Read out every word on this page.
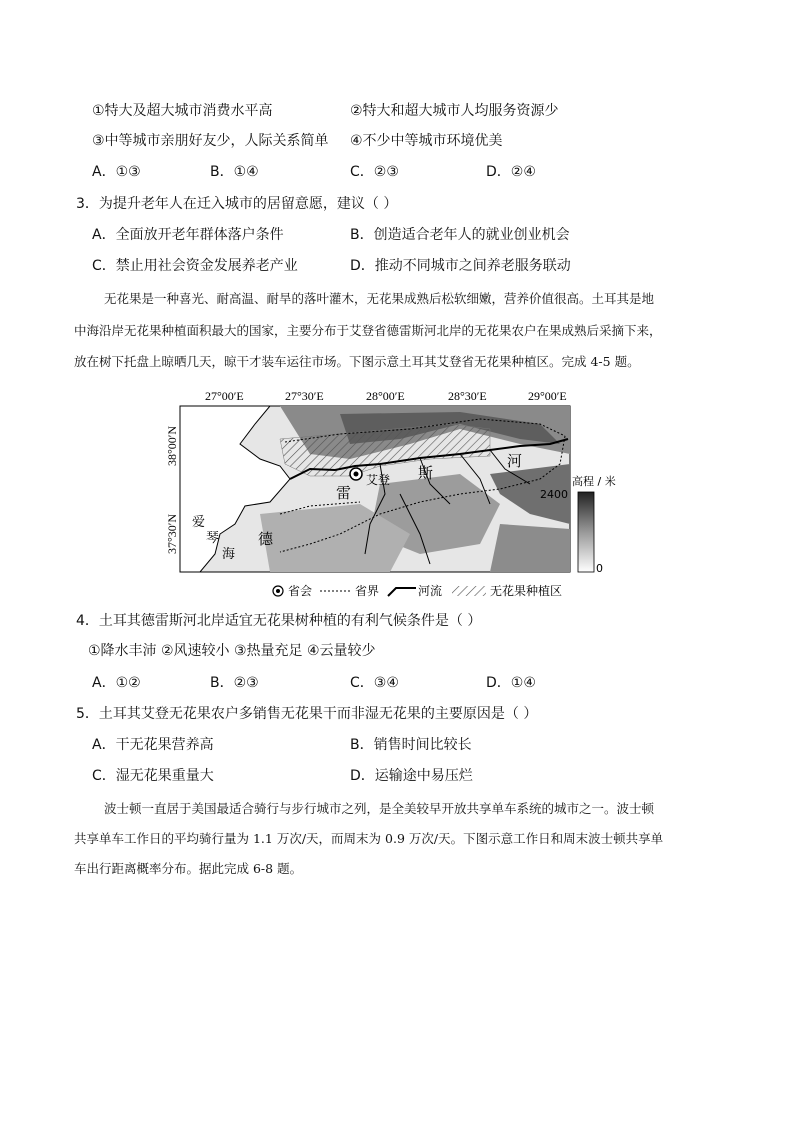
①特大及超大城市消费水平高	②特大和超大城市人均服务资源少
③中等城市亲朋好友少，人际关系简单 ④不少中等城市环境优美
A．①③	B．①④	C．②③	D．②④
3．为提升老年人在迁入城市的居留意愿，建议（ ）
A．全面放开老年群体落户条件	B．创造适合老年人的就业创业机会
C．禁止用社会资金发展养老产业	D．推动不同城市之间养老服务联动
无花果是一种喜光、耐高温、耐旱的落叶灌木，无花果成熟后松软细嫩，营养价值很高。土耳其是地
中海沿岸无花果种植面积最大的国家，主要分布于艾登省德雷斯河北岸的无花果农户在果成熟后采摘下来，
放在树下托盘上晾晒几天，晾干才装车运往市场。下图示意土耳其艾登省无花果种植区。完成 4-5 题。
27°00′E	27°30′E	28°00′E	28°30′E	29°00′E
38°00′N
37°30′N
艾登
雷
斯
河
爱
琴
海
德
高程 / 米
2400
0
省会	省界	河流	无花果种植区
4．土耳其德雷斯河北岸适宜无花果树种植的有利气候条件是（ ）
①降水丰沛 ②风速较小 ③热量充足 ④云量较少
A．①②	B．②③	C．③④	D．①④
5．土耳其艾登无花果农户多销售无花果干而非湿无花果的主要原因是（ ）
A．干无花果营养高	B．销售时间比较长
C．湿无花果重量大	D．运输途中易压烂
波士顿一直居于美国最适合骑行与步行城市之列，是全美较早开放共享单车系统的城市之一。波士顿
共享单车工作日的平均骑行量为 1.1 万次/天，而周末为 0.9 万次/天。下图示意工作日和周末波士顿共享单
车出行距离概率分布。据此完成 6-8 题。
